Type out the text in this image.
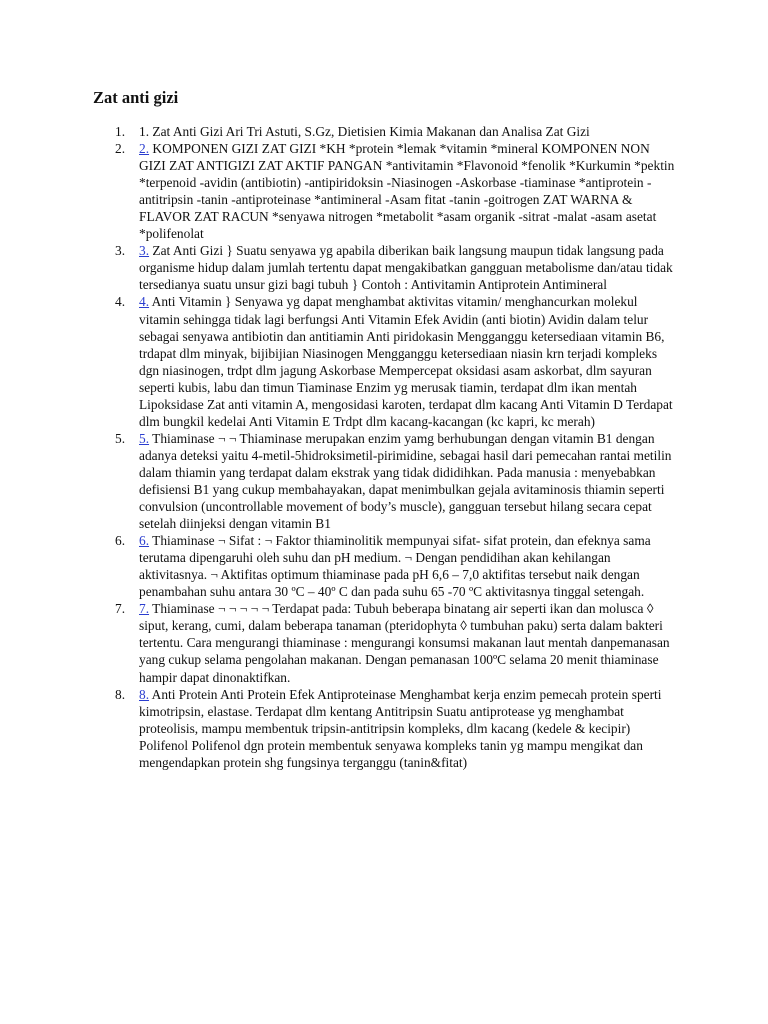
Zat anti gizi
1.	1. Zat Anti Gizi Ari Tri Astuti, S.Gz, Dietisien Kimia Makanan dan Analisa Zat Gizi
2.	2. KOMPONEN GIZI ZAT GIZI *KH *protein *lemak *vitamin *mineral KOMPONEN NON GIZI ZAT ANTIGIZI ZAT AKTIF PANGAN *antivitamin *Flavonoid *fenolik *Kurkumin *pektin *terpenoid -avidin (antibiotin) -antipiridoksin -Niasinogen -Askorbase -tiaminase *antiprotein -antitripsin -tanin -antiproteinase *antimineral -Asam fitat -tanin -goitrogen ZAT WARNA & FLAVOR ZAT RACUN *senyawa nitrogen *metabolit *asam organik -sitrat -malat -asam asetat *polifenolat
3.	3. Zat Anti Gizi } Suatu senyawa yg apabila diberikan baik langsung maupun tidak langsung pada organisme hidup dalam jumlah tertentu dapat mengakibatkan gangguan metabolisme dan/atau tidak tersedianya suatu unsur gizi bagi tubuh } Contoh : Antivitamin Antiprotein Antimineral
4.	4. Anti Vitamin } Senyawa yg dapat menghambat aktivitas vitamin/ menghancurkan molekul vitamin sehingga tidak lagi berfungsi Anti Vitamin Efek Avidin (anti biotin) Avidin dalam telur sebagai senyawa antibiotin dan antitiamin Anti piridokasin Mengganggu ketersediaan vitamin B6, trdapat dlm minyak, bijibijian Niasinogen Mengganggu ketersediaan niasin krn terjadi kompleks dgn niasinogen, trdpt dlm jagung Askorbase Mempercepat oksidasi asam askorbat, dlm sayuran seperti kubis, labu dan timun Tiaminase Enzim yg merusak tiamin, terdapat dlm ikan mentah Lipoksidase Zat anti vitamin A, mengosidasi karoten, terdapat dlm kacang Anti Vitamin D Terdapat dlm bungkil kedelai Anti Vitamin E Trdpt dlm kacang-kacangan (kc kapri, kc merah)
5.	5. Thiaminase ¬ ¬ Thiaminase merupakan enzim yamg berhubungan dengan vitamin B1 dengan adanya deteksi yaitu 4-metil-5hidroksimetil-pirimidine, sebagai hasil dari pemecahan rantai metilin dalam thiamin yang terdapat dalam ekstrak yang tidak dididihkan. Pada manusia : menyebabkan defisiensi B1 yang cukup membahayakan, dapat menimbulkan gejala avitaminosis thiamin seperti convulsion (uncontrollable movement of body’s muscle), gangguan tersebut hilang secara cepat setelah diinjeksi dengan vitamin B1
6.	6. Thiaminase ¬ Sifat : ¬ Faktor thiaminolitik mempunyai sifat- sifat protein, dan efeknya sama terutama dipengaruhi oleh suhu dan pH medium. ¬ Dengan pendidihan akan kehilangan aktivitasnya. ¬ Aktifitas optimum thiaminase pada pH 6,6 – 7,0 aktifitas tersebut naik dengan penambahan suhu antara 30 ºC – 40º C dan pada suhu 65 -70 ºC aktivitasnya tinggal setengah.
7.	7. Thiaminase ¬ ¬ ¬ ¬ ¬ Terdapat pada: Tubuh beberapa binatang air seperti ikan dan molusca ◊ siput, kerang, cumi, dalam beberapa tanaman (pteridophyta ◊ tumbuhan paku) serta dalam bakteri tertentu. Cara mengurangi thiaminase : mengurangi konsumsi makanan laut mentah danpemanasan yang cukup selama pengolahan makanan. Dengan pemanasan 100ºC selama 20 menit thiaminase hampir dapat dinonaktifkan.
8.	8. Anti Protein Anti Protein Efek Antiproteinase Menghambat kerja enzim pemecah protein sperti kimotripsin, elastase. Terdapat dlm kentang Antitripsin Suatu antiprotease yg menghambat proteolisis, mampu membentuk tripsin-antitripsin kompleks, dlm kacang (kedele & kecipir) Polifenol Polifenol dgn protein membentuk senyawa kompleks tanin yg mampu mengikat dan mengendapkan protein shg fungsinya terganggu (tanin&fitat)
